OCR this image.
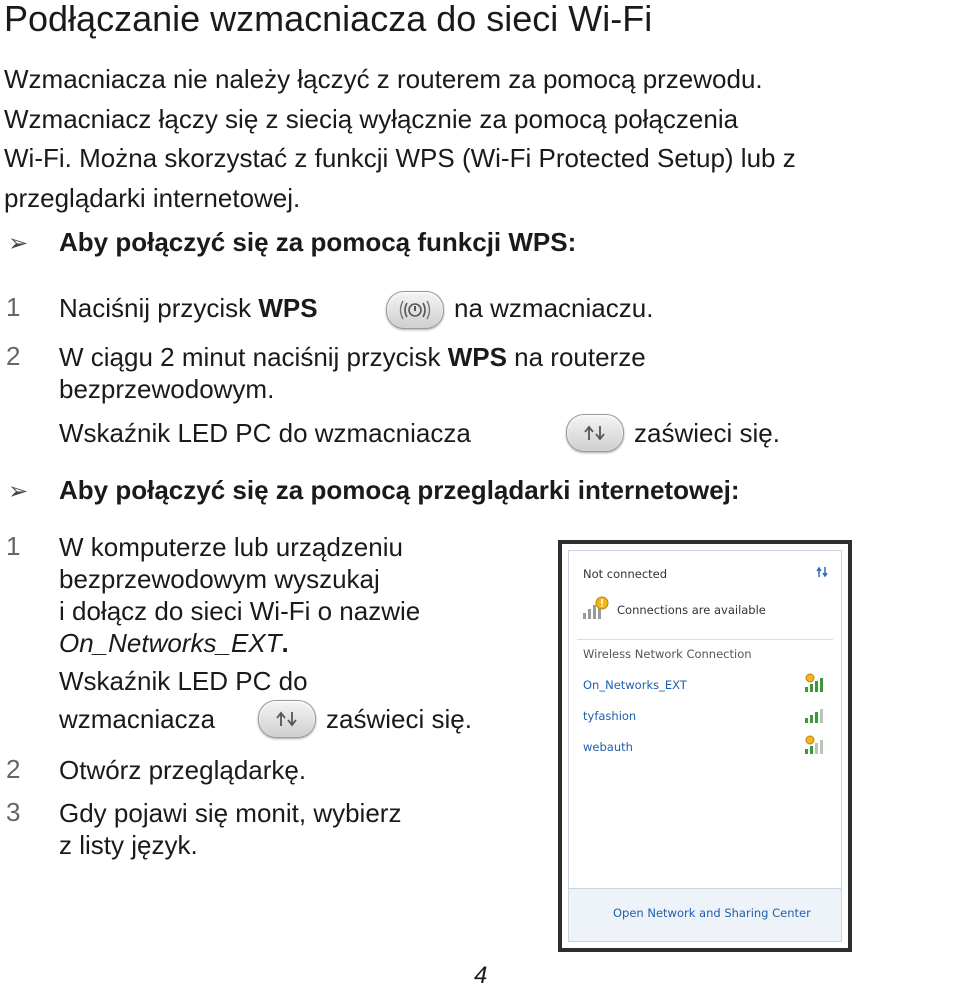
Podłączanie wzmacniacza do sieci Wi-Fi
Wzmacniacza nie należy łączyć z routerem za pomocą przewodu.
Wzmacniacz łączy się z siecią wyłącznie za pomocą połączenia
Wi-Fi. Można skorzystać z funkcji WPS (Wi-Fi Protected Setup) lub z
przeglądarki internetowej.
➢ Aby połączyć się za pomocą funkcji WPS:
1 Naciśnij przycisk WPS	na wzmacniaczu.
2 W ciągu 2 minut naciśnij przycisk WPS na routerze
bezprzewodowym.
Wskaźnik LED PC do wzmacniacza	zaświeci się.
➢ Aby połączyć się za pomocą przeglądarki internetowej:
1 W komputerze lub urządzeniu
bezprzewodowym wyszukaj
i dołącz do sieci Wi-Fi o nazwie
On_Networks_EXT.
Wskaźnik LED PC do
wzmacniacza	zaświeci się.
2 Otwórz przeglądarkę.
3 Gdy pojawi się monit, wybierz
z listy język.
Not connected
Connections are available
Wireless Network Connection
On_Networks_EXT
tyfashion
webauth
Open Network and Sharing Center
4
